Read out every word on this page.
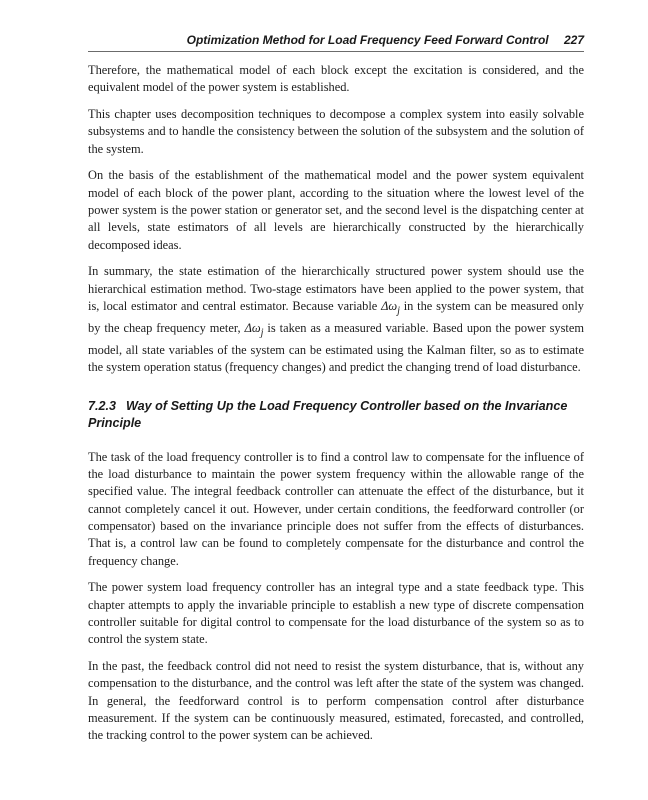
Optimization Method for Load Frequency Feed Forward Control 227

Therefore, the mathematical model of each block except the excitation is considered, and the equivalent model of the power system is established.

This chapter uses decomposition techniques to decompose a complex system into easily solvable subsystems and to handle the consistency between the solution of the subsystem and the solution of the system.

On the basis of the establishment of the mathematical model and the power system equivalent model of each block of the power plant, according to the situation where the lowest level of the power system is the power station or generator set, and the second level is the dispatching center at all levels, state estimators of all levels are hierarchically constructed by the hierarchically decomposed ideas.

In summary, the state estimation of the hierarchically structured power system should use the hierarchical estimation method. Two-stage estimators have been applied to the power system, that is, local estimator and central estimator. Because variable $\Delta\omega_j$ in the system can be measured only by the cheap frequency meter, $\Delta\omega_j$ is taken as a measured variable. Based upon the power system model, all state variables of the system can be estimated using the Kalman filter, so as to estimate the system operation status (frequency changes) and predict the changing trend of load disturbance.

7.2.3 Way of Setting Up the Load Frequency Controller based on the Invariance Principle

The task of the load frequency controller is to find a control law to compensate for the influence of the load disturbance to maintain the power system frequency within the allowable range of the specified value. The integral feedback controller can attenuate the effect of the disturbance, but it cannot completely cancel it out. However, under certain conditions, the feedforward controller (or compensator) based on the invariance principle does not suffer from the effects of disturbances. That is, a control law can be found to completely compensate for the disturbance and control the frequency change.

The power system load frequency controller has an integral type and a state feedback type. This chapter attempts to apply the invariable principle to establish a new type of discrete compensation controller suitable for digital control to compensate for the load disturbance of the system so as to control the system state.

In the past, the feedback control did not need to resist the system disturbance, that is, without any compensation to the disturbance, and the control was left after the state of the system was changed. In general, the feedforward control is to perform compensation control after disturbance measurement. If the system can be continuously measured, estimated, forecasted, and controlled, the tracking control to the power system can be achieved.
